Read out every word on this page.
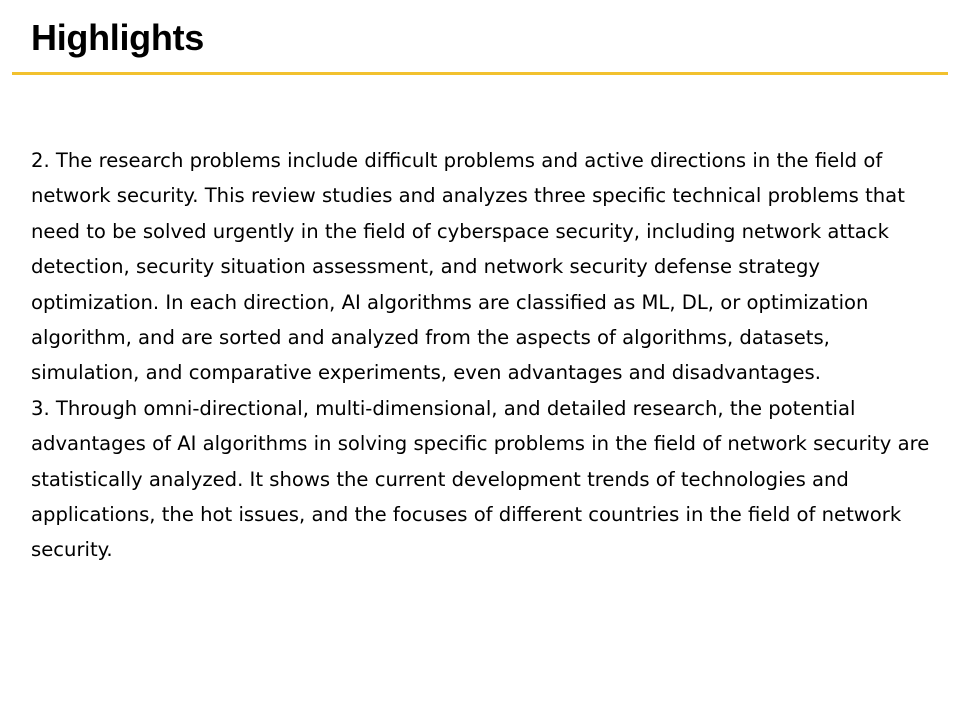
Highlights

2. The research problems include difficult problems and active directions in the field of network security. This review studies and analyzes three specific technical problems that need to be solved urgently in the field of cyberspace security, including network attack detection, security situation assessment, and network security defense strategy optimization. In each direction, AI algorithms are classified as ML, DL, or optimization algorithm, and are sorted and analyzed from the aspects of algorithms, datasets, simulation, and comparative experiments, even advantages and disadvantages.

3. Through omni-directional, multi-dimensional, and detailed research, the potential advantages of AI algorithms in solving specific problems in the field of network security are statistically analyzed. It shows the current development trends of technologies and applications, the hot issues, and the focuses of different countries in the field of network security.
